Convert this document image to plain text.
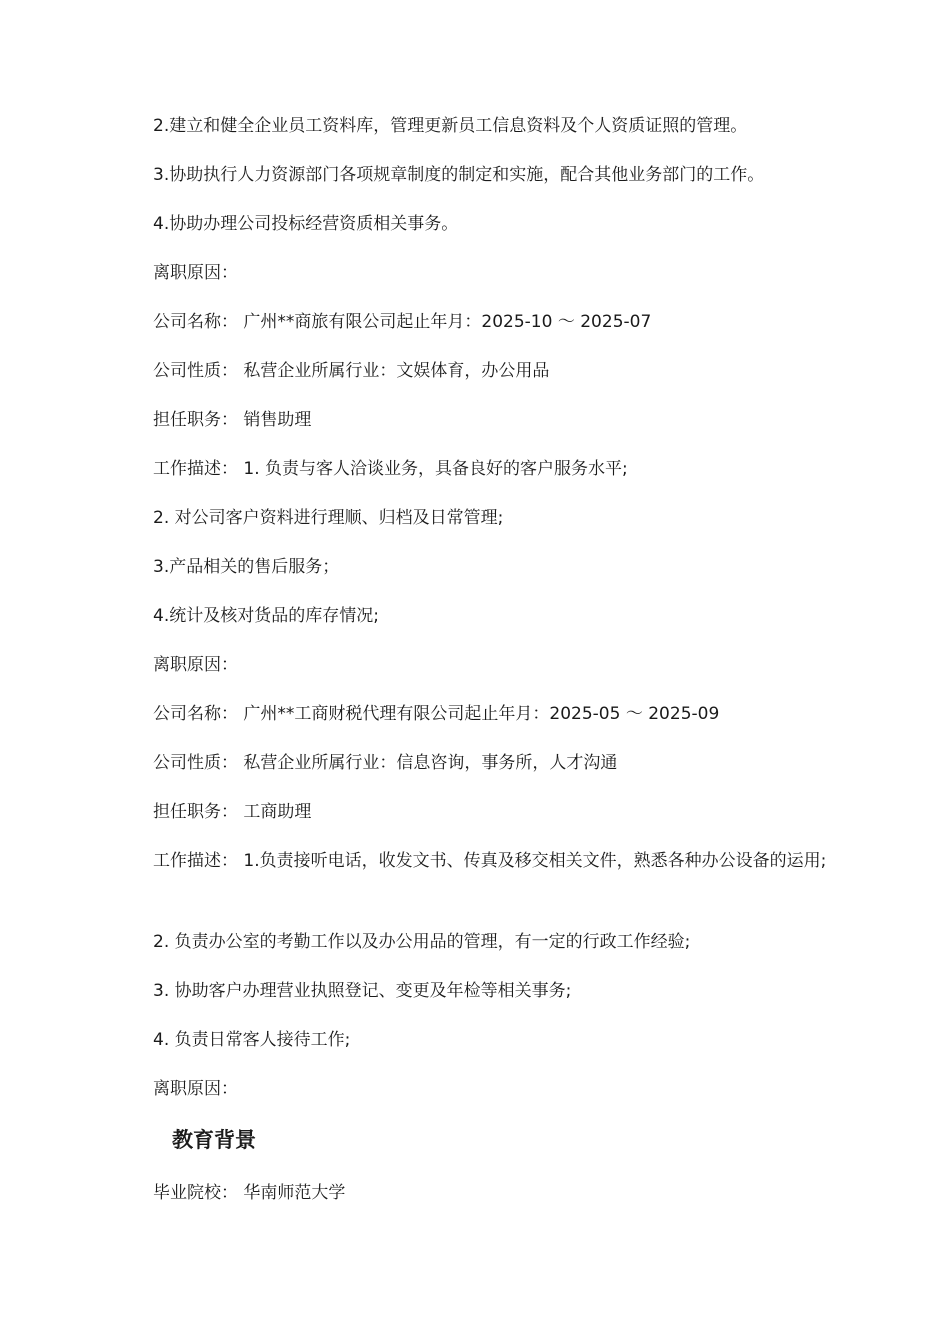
2.建立和健全企业员工资料库，管理更新员工信息资料及个人资质证照的管理。
3.协助执行人力资源部门各项规章制度的制定和实施，配合其他业务部门的工作。
4.协助办理公司投标经营资质相关事务。
离职原因：
公司名称： 广州**商旅有限公司起止年月：2025-10 ～ 2025-07
公司性质： 私营企业所属行业：文娱体育，办公用品
担任职务： 销售助理
工作描述： 1. 负责与客人洽谈业务，具备良好的客户服务水平;
2. 对公司客户资料进行理顺、归档及日常管理;
3.产品相关的售后服务；
4.统计及核对货品的库存情况;
离职原因：
公司名称： 广州**工商财税代理有限公司起止年月：2025-05 ～ 2025-09
公司性质： 私营企业所属行业：信息咨询，事务所，人才沟通
担任职务： 工商助理
工作描述： 1.负责接听电话，收发文书、传真及移交相关文件，熟悉各种办公设备的运用;
2. 负责办公室的考勤工作以及办公用品的管理，有一定的行政工作经验;
3. 协助客户办理营业执照登记、变更及年检等相关事务;
4. 负责日常客人接待工作;
离职原因：
教育背景
毕业院校： 华南师范大学
